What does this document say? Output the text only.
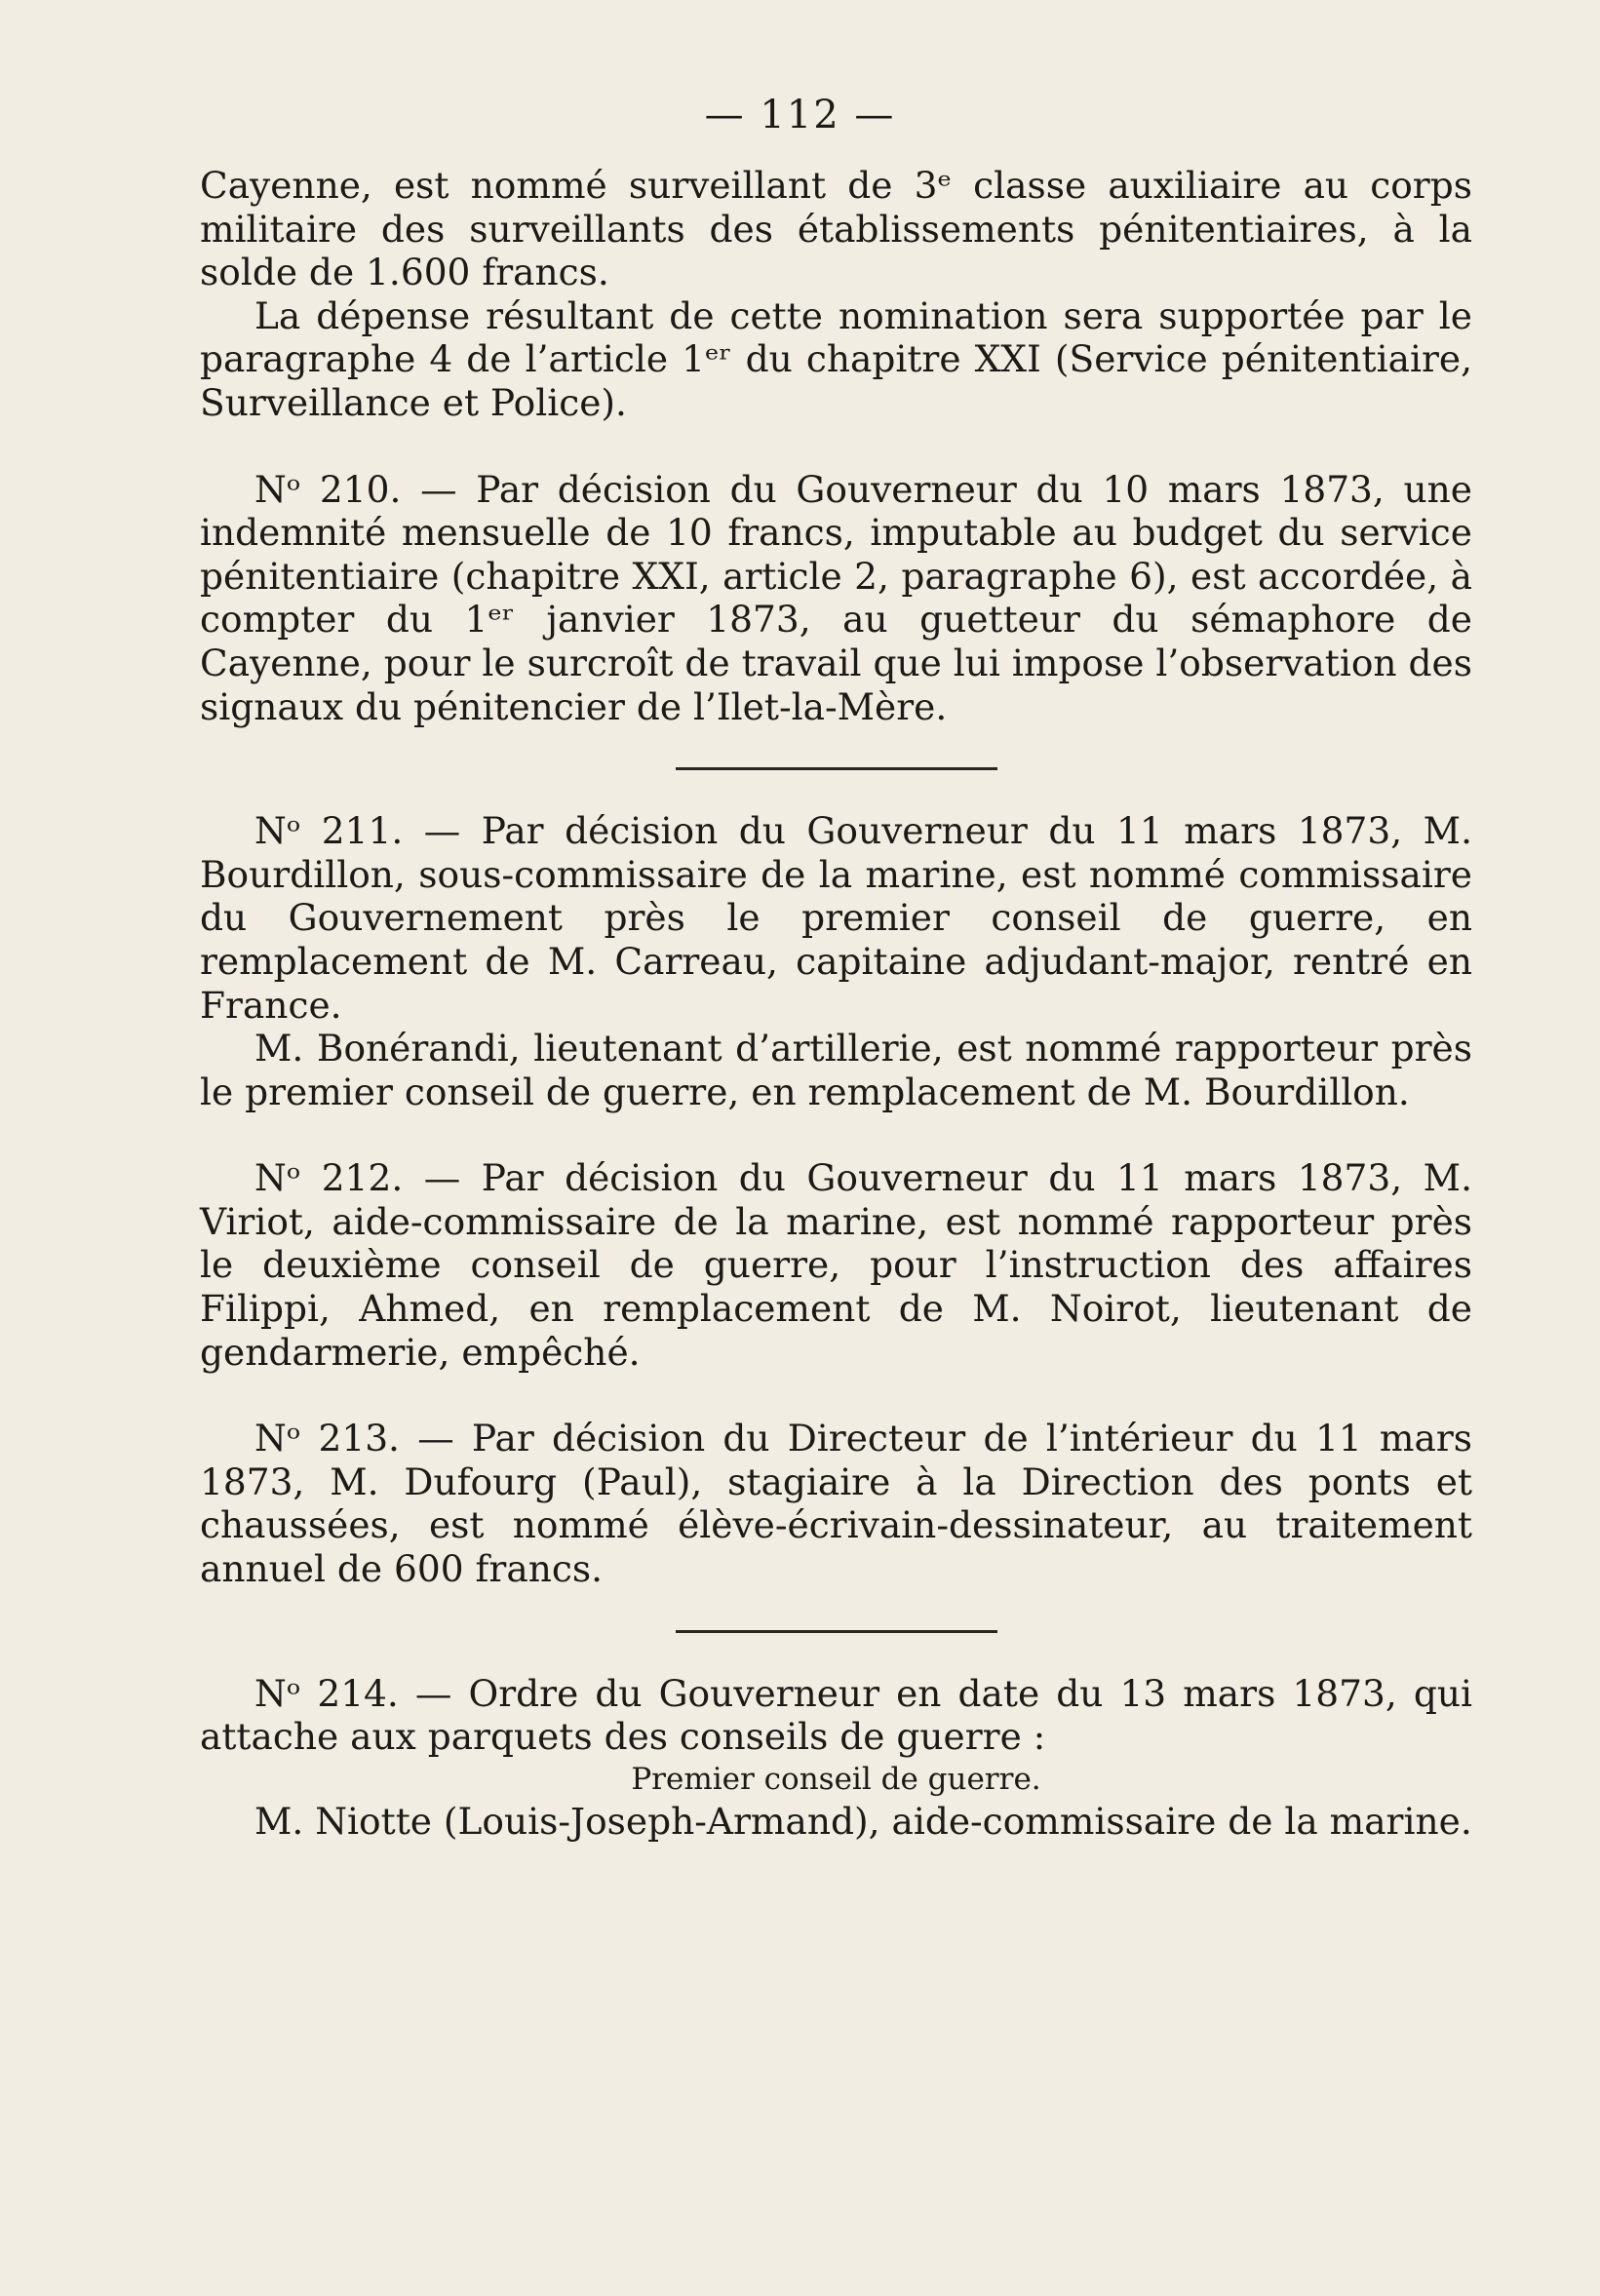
— 112 —

Cayenne, est nommé surveillant de 3ᵉ classe auxiliaire au corps militaire des surveillants des établissements pénitentiaires, à la solde de 1.600 francs.

La dépense résultant de cette nomination sera supportée par le paragraphe 4 de l’article 1ᵉʳ du chapitre XXI (Service pénitentiaire, Surveillance et Police).

Nᵒ 210. — Par décision du Gouverneur du 10 mars 1873, une indemnité mensuelle de 10 francs, imputable au budget du service pénitentiaire (chapitre XXI, article 2, paragraphe 6), est accordée, à compter du 1ᵉʳ janvier 1873, au guetteur du sémaphore de Cayenne, pour le surcroît de travail que lui impose l’observation des signaux du pénitencier de l’Ilet-la-Mère.

Nᵒ 211. — Par décision du Gouverneur du 11 mars 1873, M. Bourdillon, sous-commissaire de la marine, est nommé commissaire du Gouvernement près le premier conseil de guerre, en remplacement de M. Carreau, capitaine adjudant-major, rentré en France.

M. Bonérandi, lieutenant d’artillerie, est nommé rapporteur près le premier conseil de guerre, en remplacement de M. Bourdillon.

Nᵒ 212. — Par décision du Gouverneur du 11 mars 1873, M. Viriot, aide-commissaire de la marine, est nommé rapporteur près le deuxième conseil de guerre, pour l’instruction des affaires Filippi, Ahmed, en remplacement de M. Noirot, lieutenant de gendarmerie, empêché.

Nᵒ 213. — Par décision du Directeur de l’intérieur du 11 mars 1873, M. Dufourg (Paul), stagiaire à la Direction des ponts et chaussées, est nommé élève-écrivain-dessinateur, au traitement annuel de 600 francs.

Nᵒ 214. — Ordre du Gouverneur en date du 13 mars 1873, qui attache aux parquets des conseils de guerre :

Premier conseil de guerre.

M. Niotte (Louis-Joseph-Armand), aide-commissaire de la marine.
